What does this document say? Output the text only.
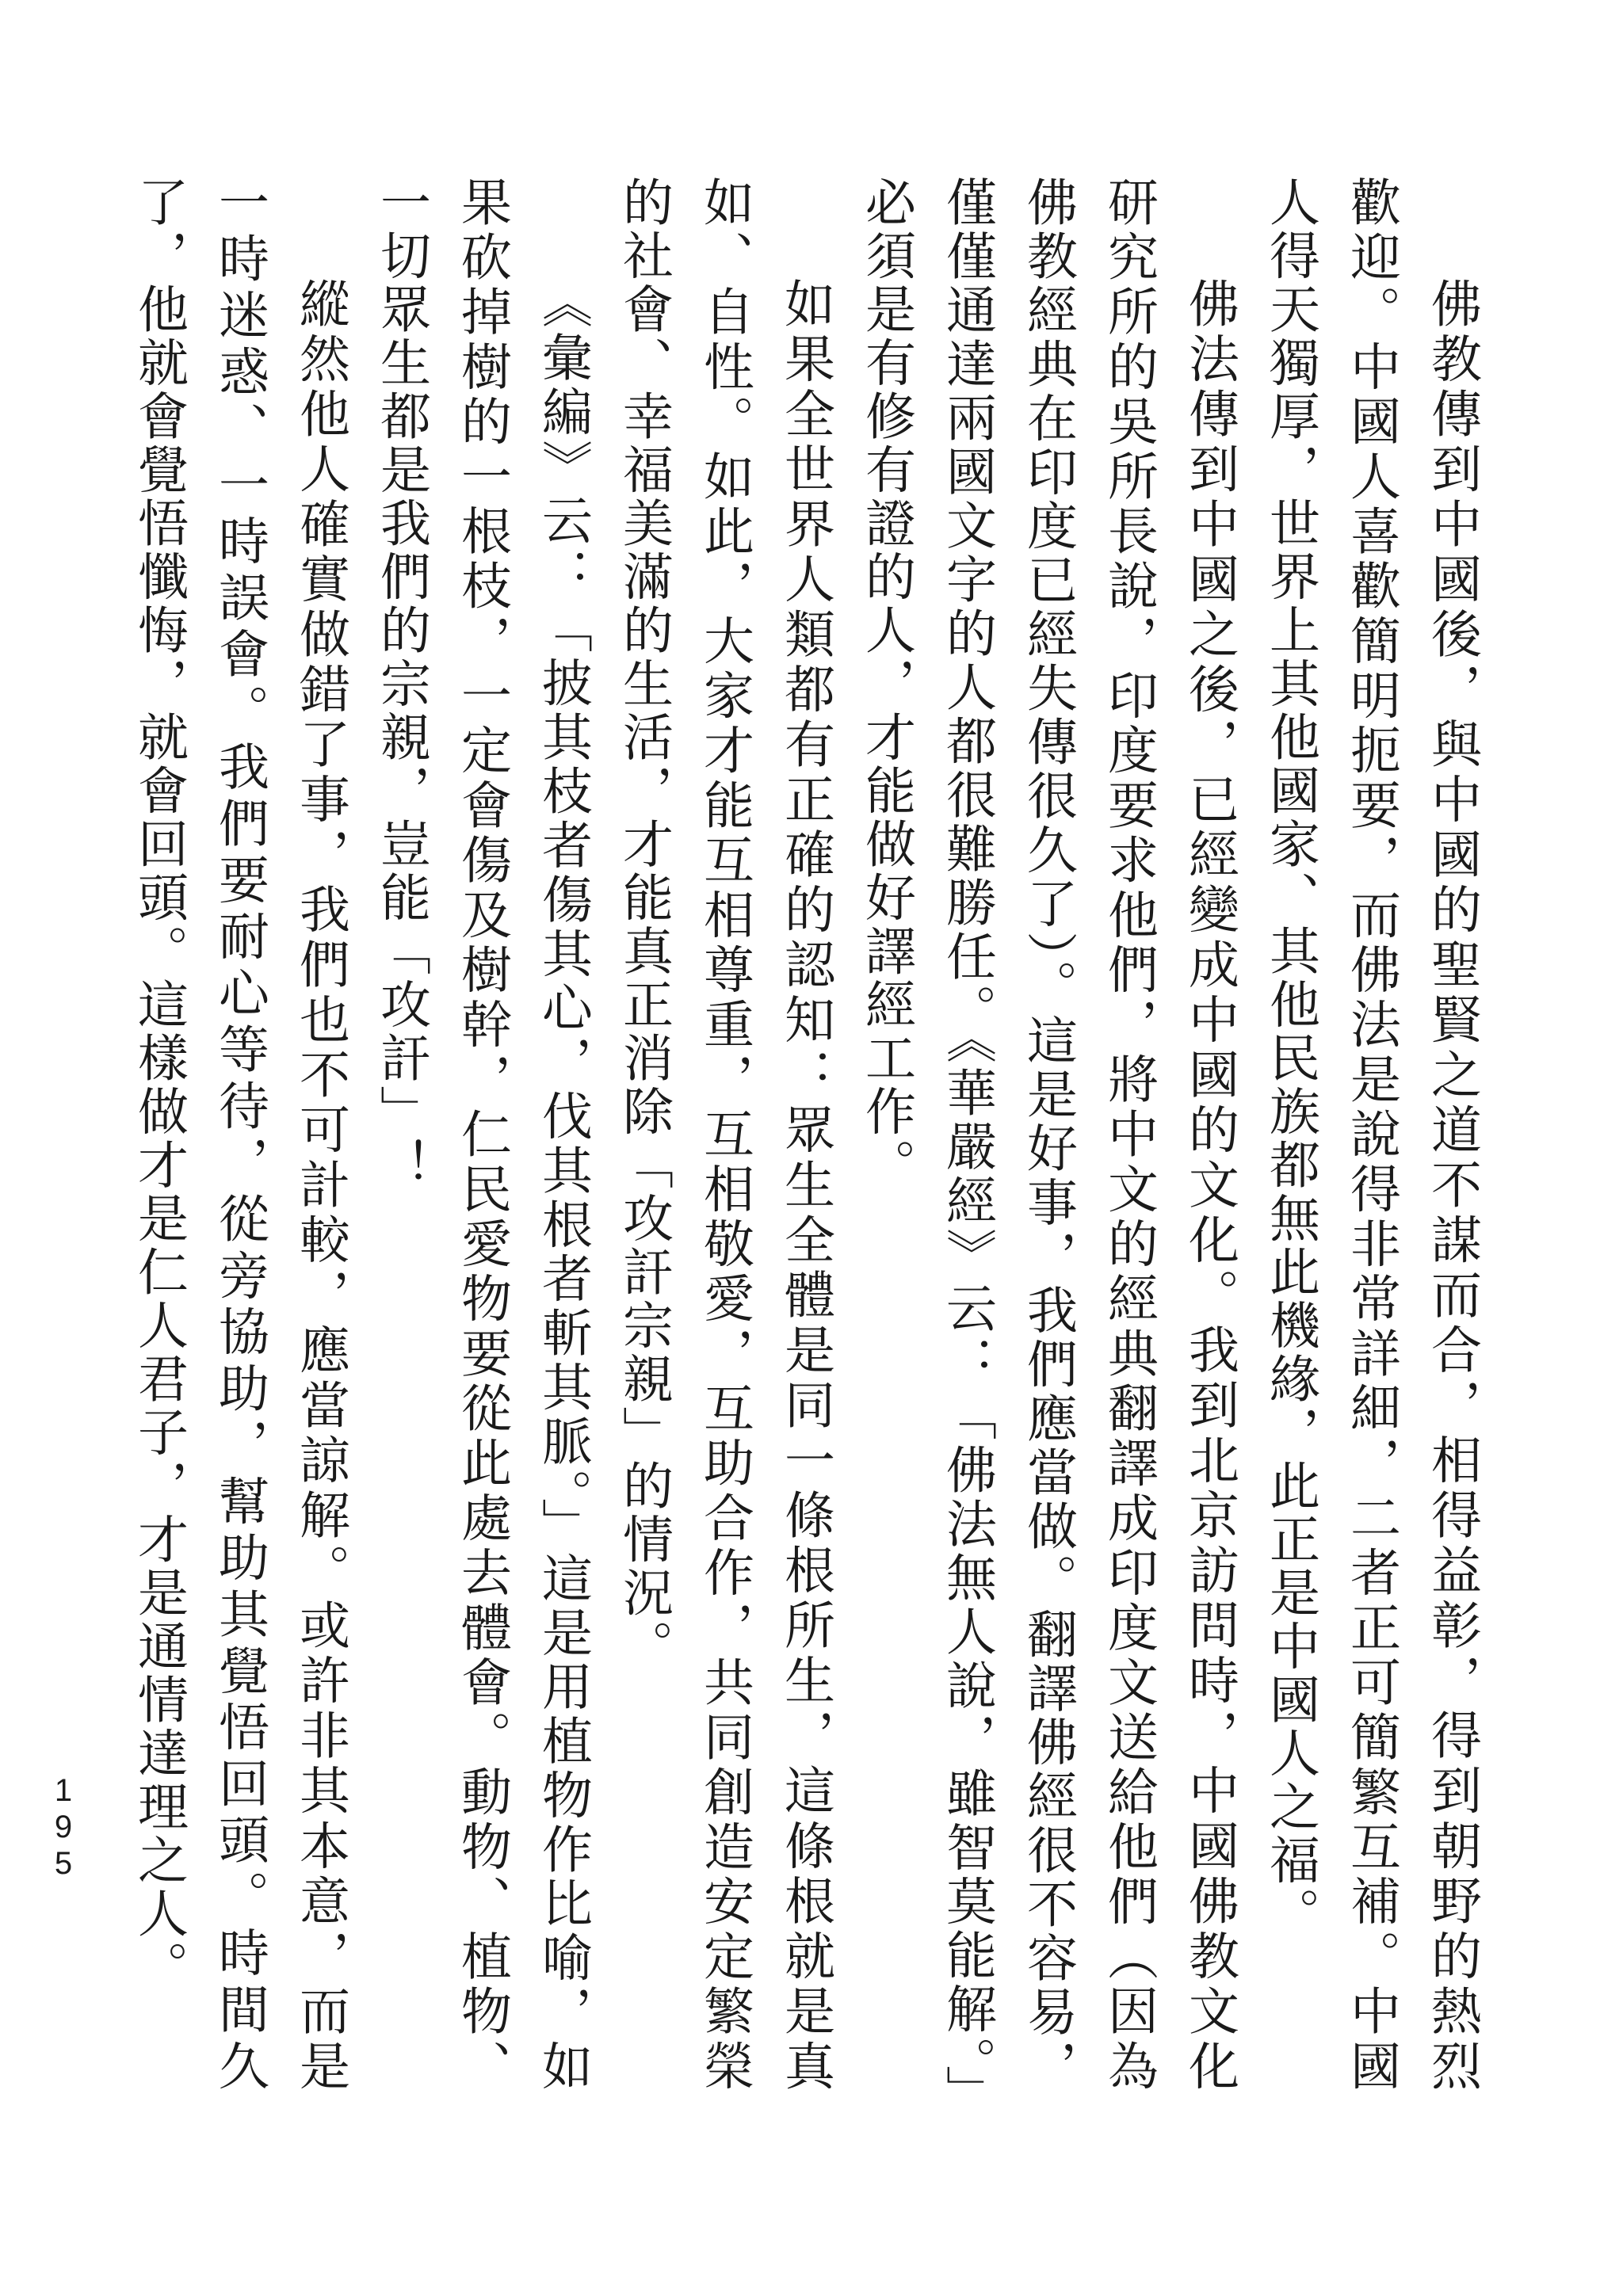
佛教傳到中國後，與中國的聖賢之道不謀而合，相得益彰，得到朝野的熱烈歡迎。中國人喜歡簡明扼要，而佛法是說得非常詳細，二者正可簡繁互補。中國人得天獨厚，世界上其他國家、其他民族都無此機緣，此正是中國人之福。

佛法傳到中國之後，已經變成中國的文化。我到北京訪問時，中國佛教文化研究所的吳所長說，印度要求他們，將中文的經典翻譯成印度文送給他們（因為佛教經典在印度已經失傳很久了）。這是好事，我們應當做。翻譯佛經很不容易，僅僅通達兩國文字的人都很難勝任。《華嚴經》云：「佛法無人說，雖智莫能解。」必須是有修有證的人，才能做好譯經工作。

如果全世界人類都有正確的認知：眾生全體是同一條根所生，這條根就是真如、自性。如此，大家才能互相尊重，互相敬愛，互助合作，共同創造安定繁榮的社會、幸福美滿的生活，才能真正消除「攻訐宗親」的情況。

《彙編》云：「披其枝者傷其心，伐其根者斬其脈。」這是用植物作比喻，如果砍掉樹的一根枝，一定會傷及樹幹，仁民愛物要從此處去體會。動物、植物、一切眾生都是我們的宗親，豈能「攻訐」！

縱然他人確實做錯了事，我們也不可計較，應當諒解。或許非其本意，而是一時迷惑、一時誤會。我們要耐心等待，從旁協助，幫助其覺悟回頭。時間久了，他就會覺悟懺悔，就會回頭。這樣做才是仁人君子，才是通情達理之人。

195
